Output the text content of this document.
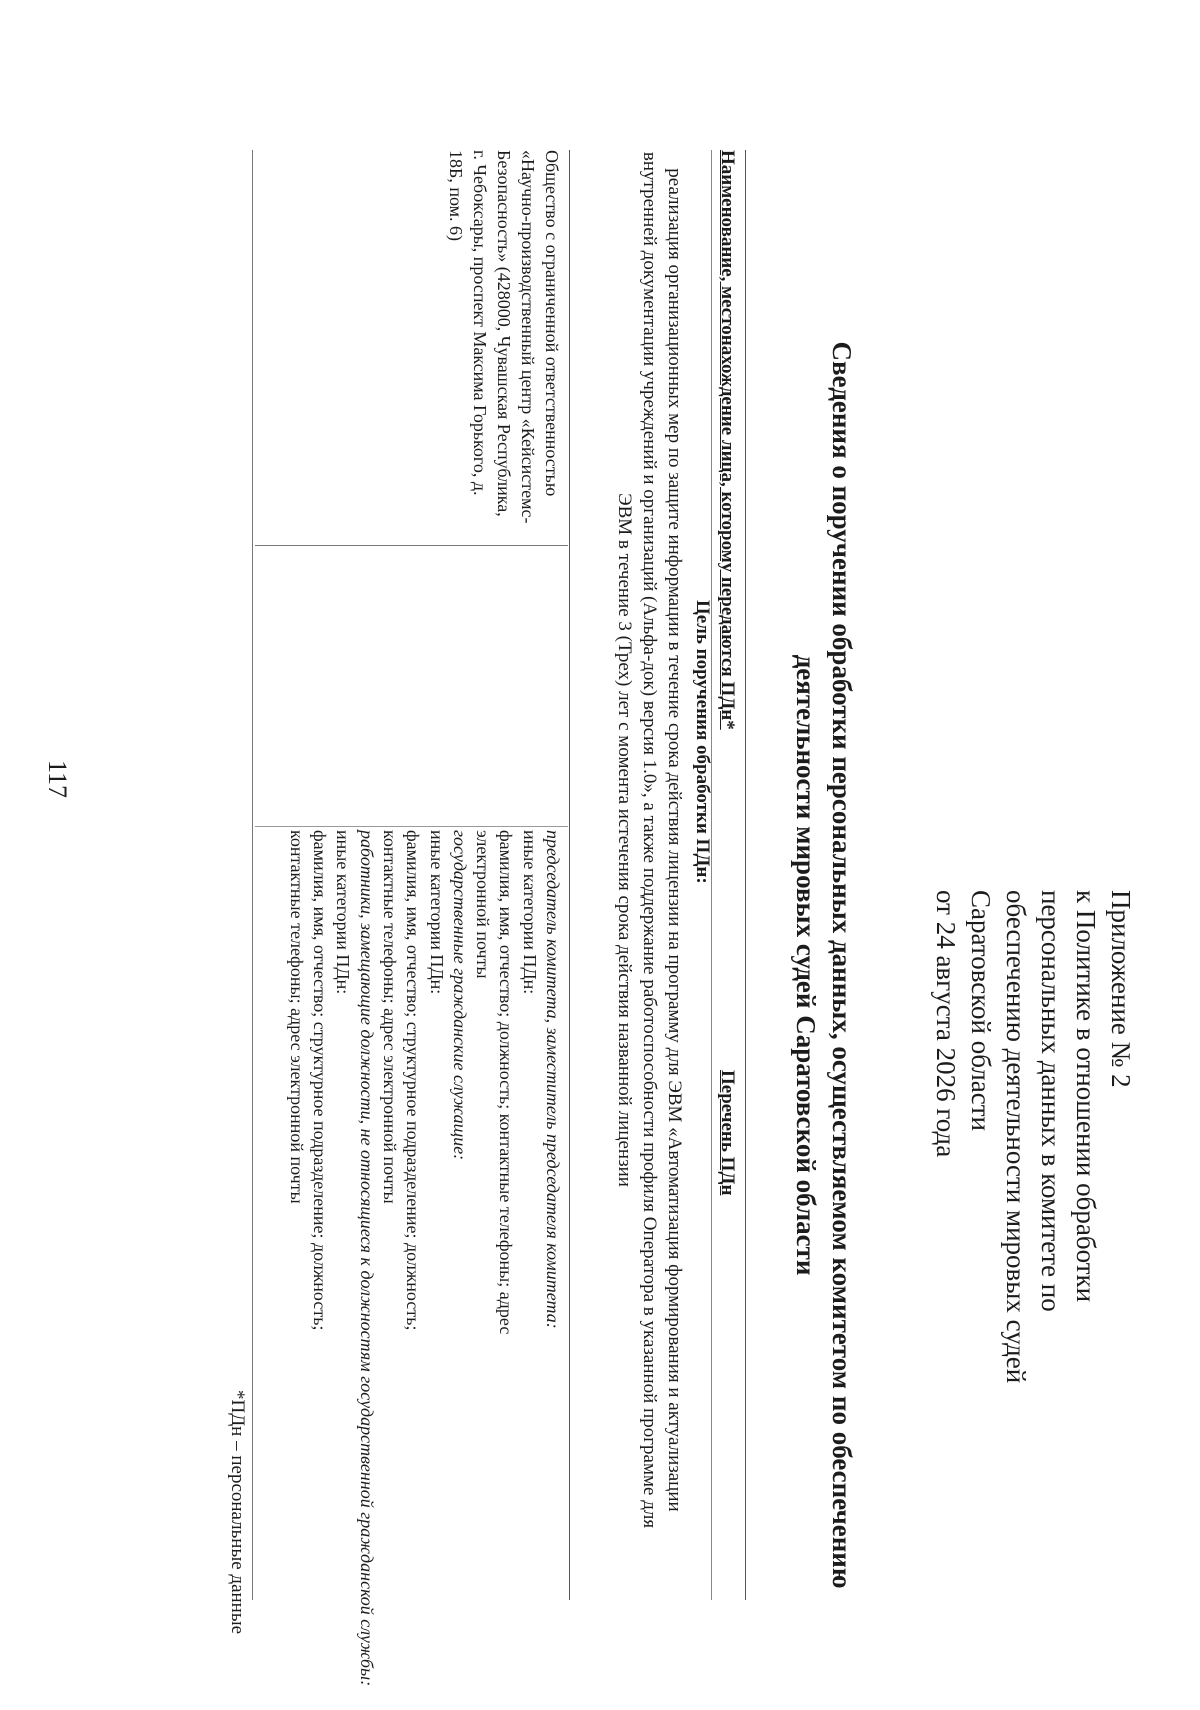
117
Приложение № 2
к Политике в отношении обработки
персональных данных в комитете по
обеспечению деятельности мировых судей
Саратовской области
от 24 августа 2026 года
Сведения о поручении обработки персональных данных, осуществляемом комитетом по обеспечению
деятельности мировых судей Саратовской области
Наименование, местонахождение лица, которому передаются ПДн*
Перечень ПДн
Цель поручения обработки ПДн:
реализация организационных мер по защите информации в течение срока действия лицензии на программу для ЭВМ «Автоматизация формирования и актуализации внутренней документации учреждений и организаций (Альфа-док) версия 1.0», а также поддержание работоспособности профиля Оператора в указанной программе для ЭВМ в течение 3 (Трех) лет с момента истечения срока действия названной лицензии

Общество с ограниченной ответственностью

«Научно-производственный центр «Кейсистемс-Безопасность» (428000, Чувашская Республика, г. Чебоксары, проспект Максима Горького, д. 18Б, пом. 6)

председатель комитета, заместитель председателя комитета:
иные категории ПДн:
фамилия, имя, отчество; должность; контактные телефоны; адрес
электронной почты
государственные гражданские служащие:
иные категории ПДн:
фамилия, имя, отчество; структурное подразделение; должность;
контактные телефоны; адрес электронной почты
работники, замещающие должности, не относящиеся к должностям государственной гражданской службы:
иные категории ПДн:
фамилия, имя, отчество; структурное подразделение; должность;
контактные телефоны; адрес электронной почты
*ПДн – персональные данные
